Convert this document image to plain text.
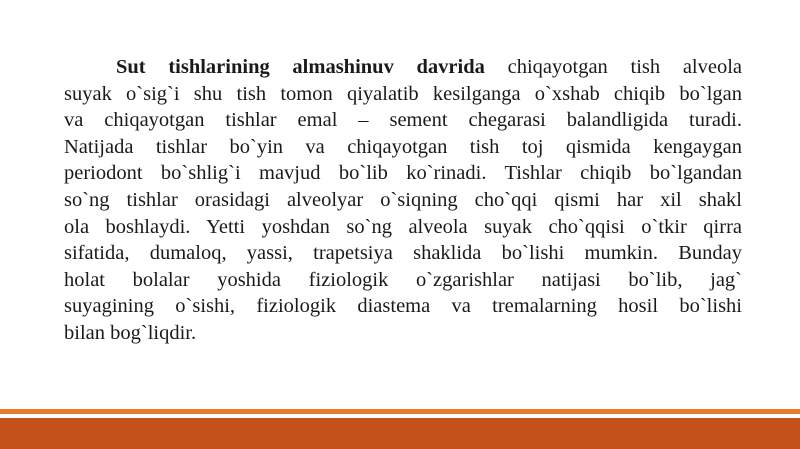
Sut tishlarining almashinuv davrida chiqayotgan tish alveola
suyak o`sig`i shu tish tomon qiyalatib kesilganga o`xshab chiqib bo`lgan
va chiqayotgan tishlar emal – sement chegarasi balandligida turadi.
Natijada tishlar bo`yin va chiqayotgan tish toj qismida kengaygan
periodont bo`shlig`i mavjud bo`lib ko`rinadi. Tishlar chiqib bo`lgandan
so`ng tishlar orasidagi alveolyar o`siqning cho`qqi qismi har xil shakl
ola boshlaydi. Yetti yoshdan so`ng alveola suyak cho`qqisi o`tkir qirra
sifatida, dumaloq, yassi, trapetsiya shaklida bo`lishi mumkin. Bunday
holat bolalar yoshida fiziologik o`zgarishlar natijasi bo`lib, jag`
suyagining o`sishi, fiziologik diastema va tremalarning hosil bo`lishi
bilan bog`liqdir.
